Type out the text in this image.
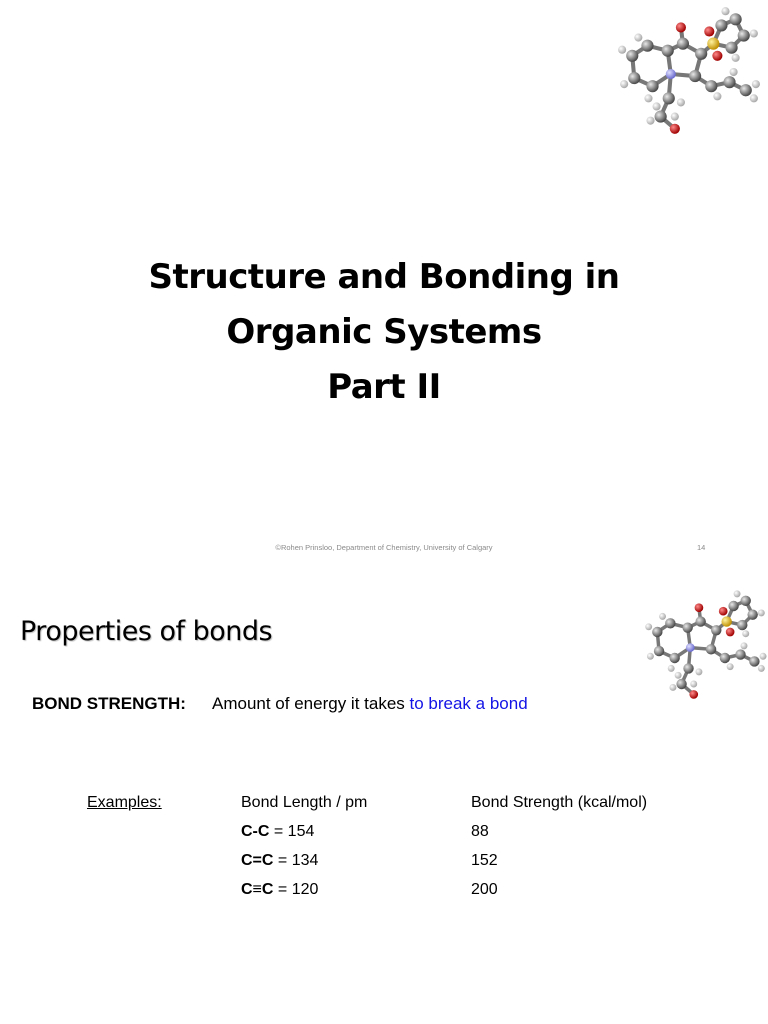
Structure and Bonding in
Organic Systems
Part II
©Rohen Prinsloo, Department of Chemistry, University of Calgary	14
Properties of bonds
BOND STRENGTH: Amount of energy it takes to break a bond
Examples:	Bond Length / pm	Bond Strength (kcal/mol)
C-C = 154	88
C=C = 134	152
C≡C = 120	200
